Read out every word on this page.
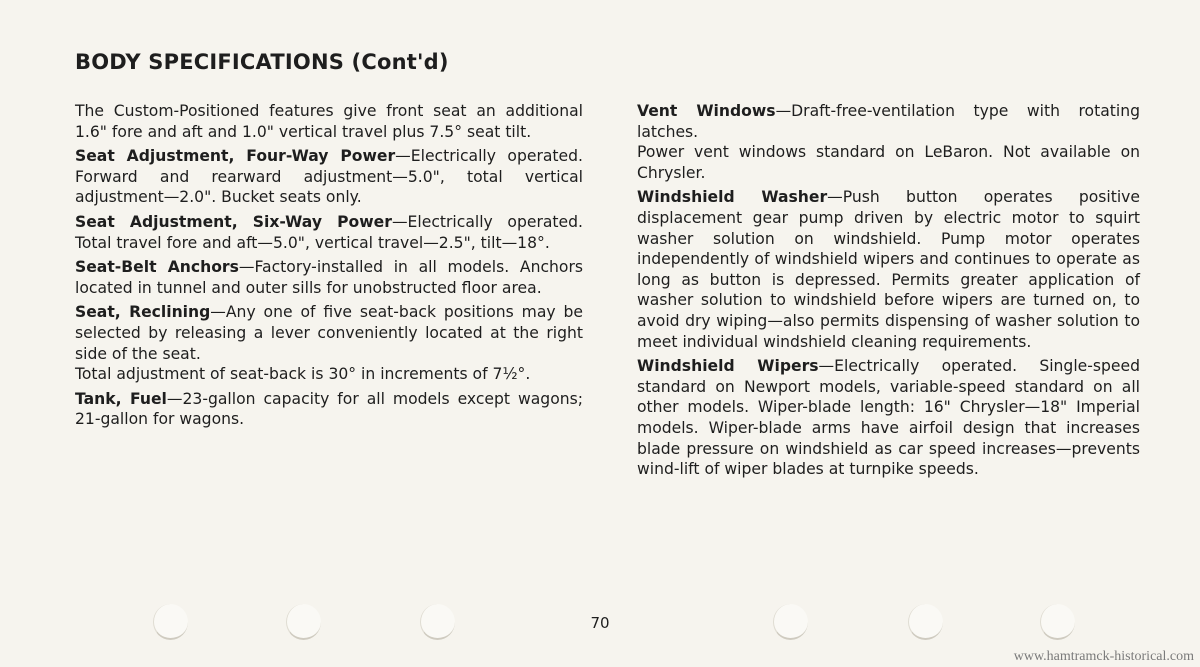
BODY SPECIFICATIONS (Cont'd)

The Custom-Positioned features give front seat an additional 1.6" fore and aft and 1.0" vertical travel plus 7.5° seat tilt.

Seat Adjustment, Four-Way Power—Electrically operated. Forward and rearward adjustment—5.0", total vertical adjustment—2.0". Bucket seats only.

Seat Adjustment, Six-Way Power—Electrically operated. Total travel fore and aft—5.0", vertical travel—2.5", tilt—18°.

Seat-Belt Anchors—Factory-installed in all models. Anchors located in tunnel and outer sills for unobstructed floor area.

Seat, Reclining—Any one of five seat-back positions may be selected by releasing a lever conveniently located at the right side of the seat.

Total adjustment of seat-back is 30° in increments of 7½°.

Tank, Fuel—23-gallon capacity for all models except wagons; 21-gallon for wagons.

Vent Windows—Draft-free-ventilation type with rotating latches.

Power vent windows standard on LeBaron. Not available on Chrysler.

Windshield Washer—Push button operates positive displacement gear pump driven by electric motor to squirt washer solution on windshield. Pump motor operates independently of windshield wipers and continues to operate as long as button is depressed. Permits greater application of washer solution to windshield before wipers are turned on, to avoid dry wiping—also permits dispensing of washer solution to meet individual windshield cleaning requirements.

Windshield Wipers—Electrically operated. Single-speed standard on Newport models, variable-speed standard on all other models. Wiper-blade length: 16" Chrysler—18" Imperial models. Wiper-blade arms have airfoil design that increases blade pressure on windshield as car speed increases—prevents wind-lift of wiper blades at turnpike speeds.

70
www.hamtramck-historical.com
